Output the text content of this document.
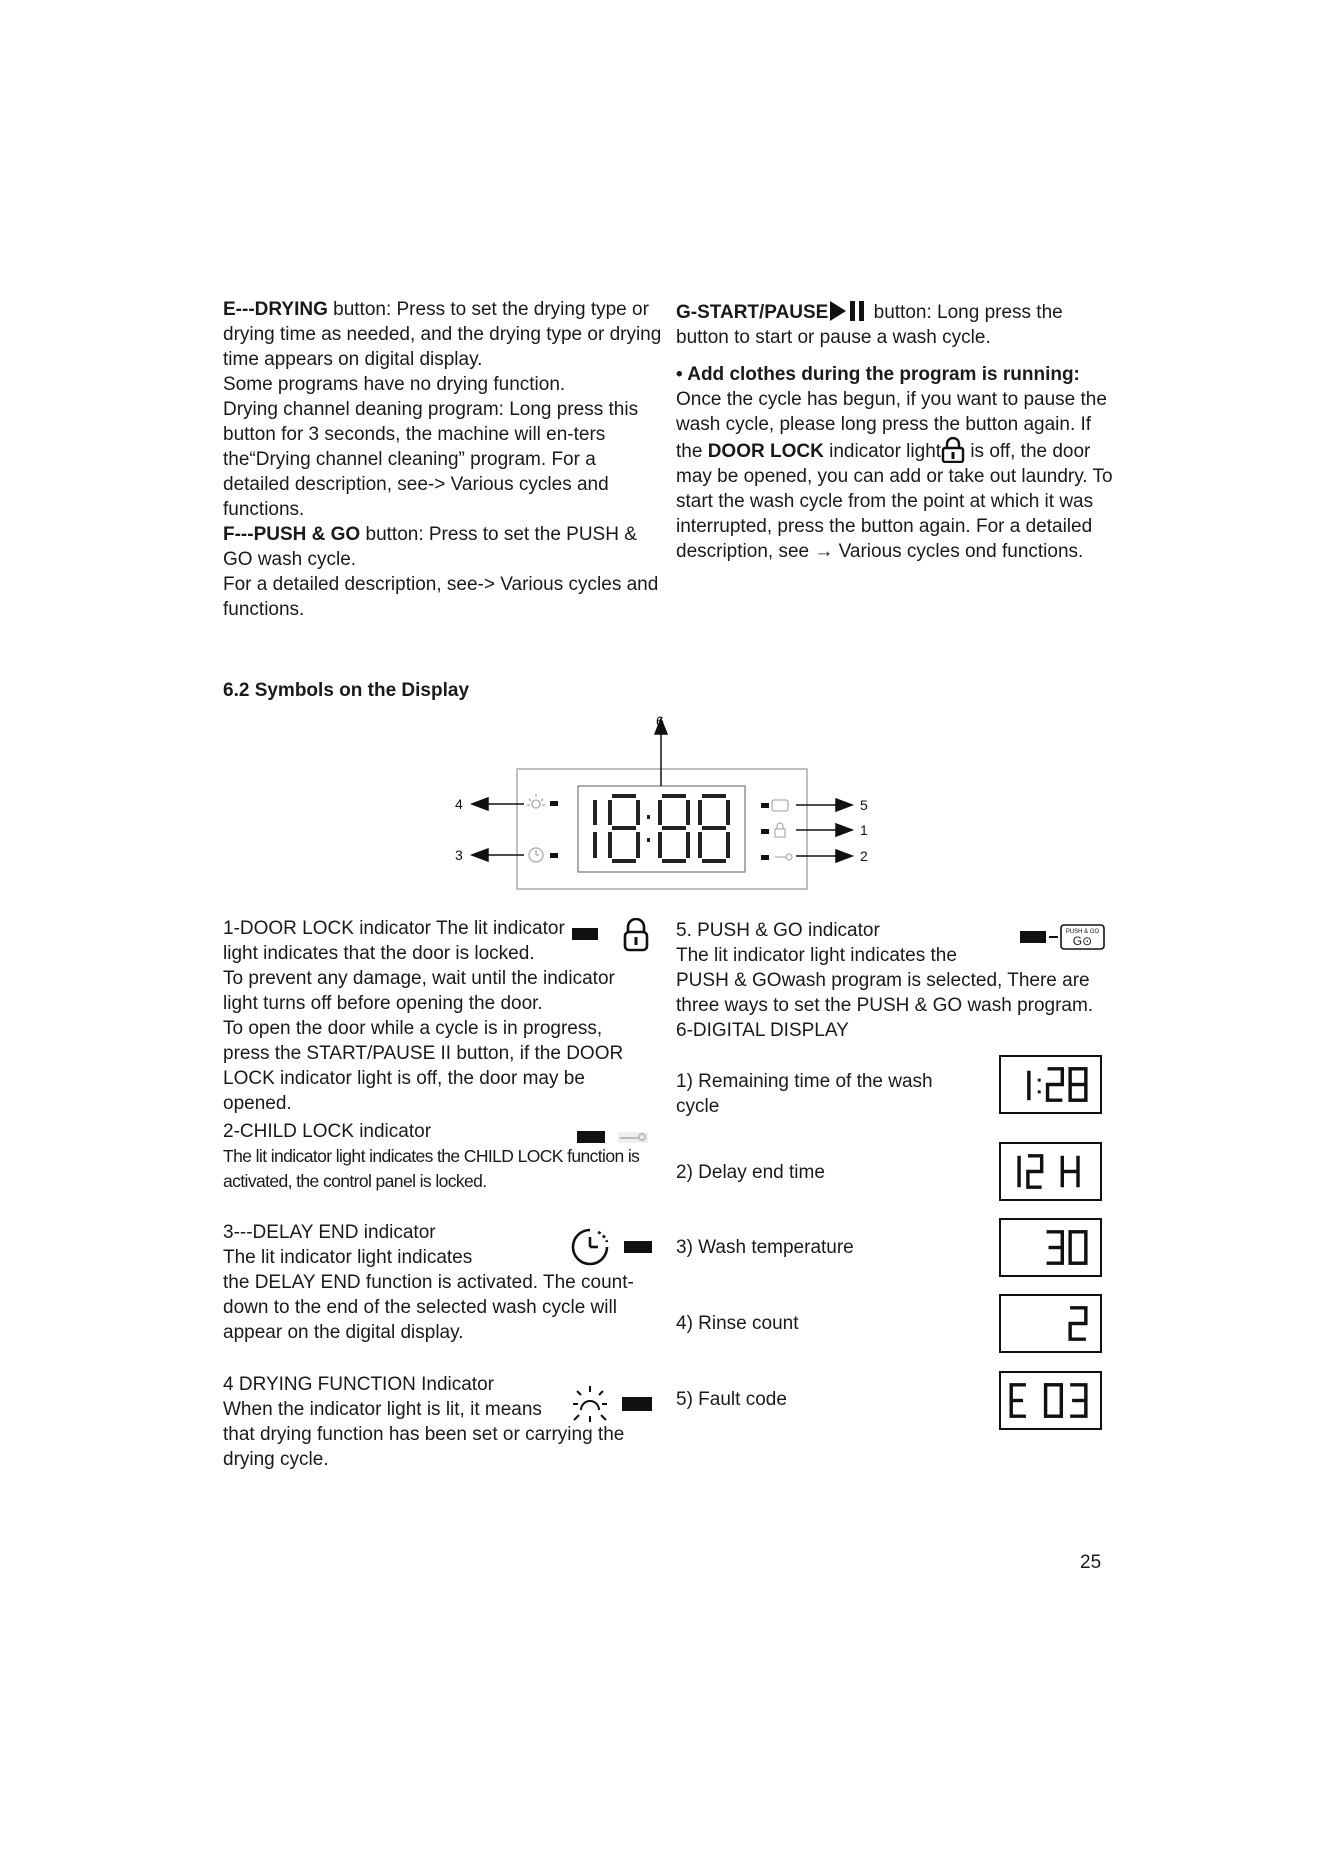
E---DRYING button: Press to set the drying type or drying time as needed, and the drying type or drying time appears on digital display.

Some programs have no drying function.

Drying channel deaning program: Long press this button for 3 seconds, the machine will en-ters the“Drying channel cleaning” program. For a detailed description, see-> Various cycles and functions.

F---PUSH & GO button: Press to set the PUSH & GO wash cycle.

For a detailed description, see-> Various cycles and functions.

G-START/PAUSE button: Long press the button to start or pause a wash cycle.

• Add clothes during the program is running:

Once the cycle has begun, if you want to pause the wash cycle, please long press the button again. If the DOOR LOCK indicator light is off, the door may be opened, you can add or take out laundry. To start the wash cycle from the point at which it was interrupted, press the button again. For a detailed description, see → Various cycles ond functions.

6.2 Symbols on the Display
6
4
3
5
1
2

1-DOOR LOCK indicator The lit indicator

light indicates that the door is locked.

To prevent any damage, wait until the indicator light turns off before opening the door.

To open the door while a cycle is in progress, press the START/PAUSE II button, if the DOOR LOCK indicator light is off, the door may be opened.

2-CHILD LOCK indicator

The lit indicator light indicates the CHILD LOCK function is activated, the control panel is locked.

3---DELAY END indicator

The lit indicator light indicates

the DELAY END function is activated. The count-down to the end of the selected wash cycle will appear on the digital display.

4 DRYING FUNCTION Indicator

When the indicator light is lit, it means

that drying function has been set or carrying the drying cycle.

5. PUSH & GO indicator

The lit indicator light indicates the

PUSH & GOwash program is selected, There are three ways to set the PUSH & GO wash program.

6-DIGITAL DISPLAY

PUSH & GO
G⊙
1) Remaining time of the wash cycle
2) Delay end time
3) Wash temperature
4) Rinse count
5) Fault code
25
